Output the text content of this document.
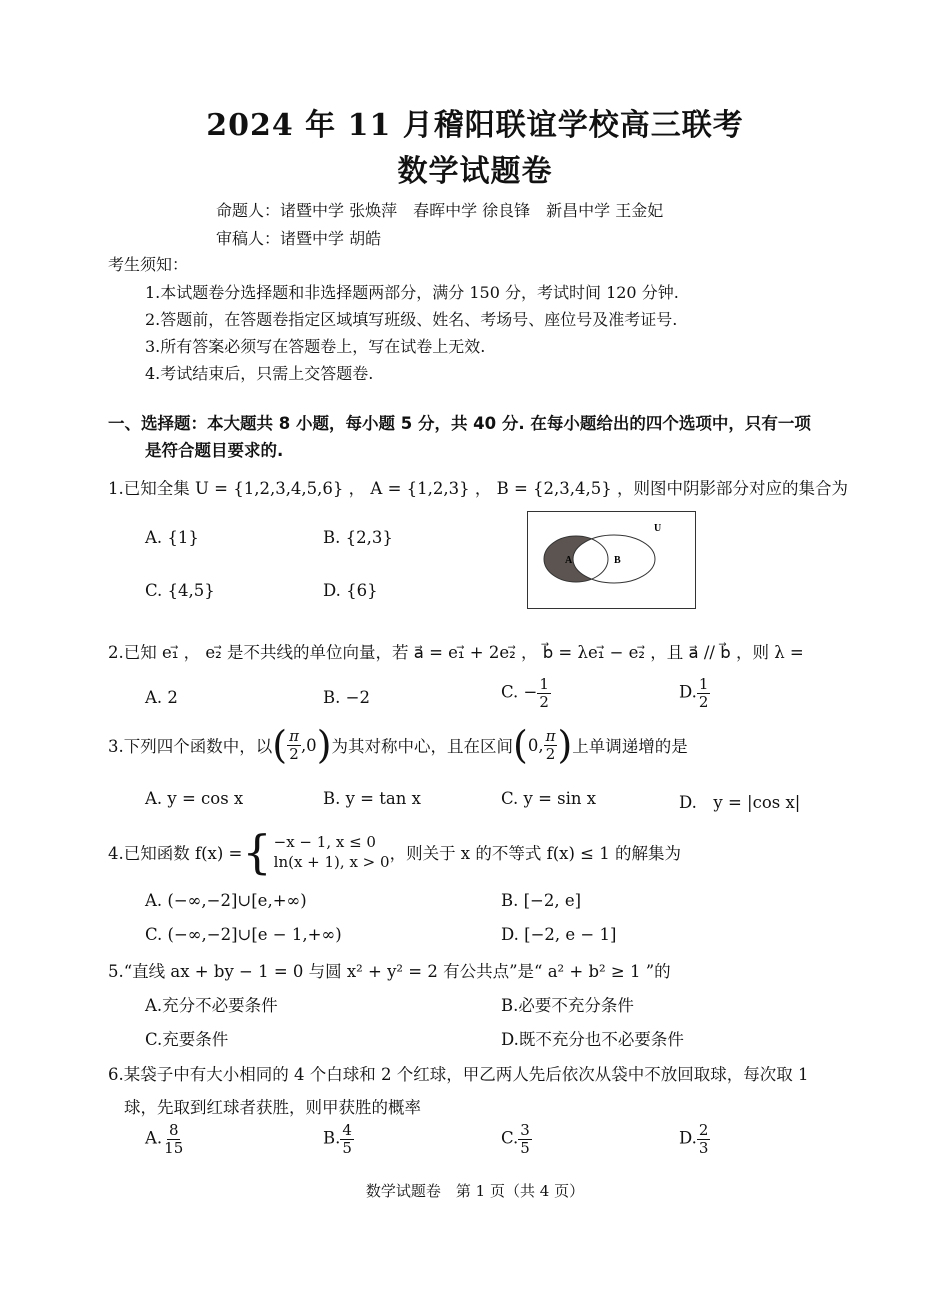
2024 年 11 月稽阳联谊学校高三联考
数学试题卷
命题人：诸暨中学 张焕萍　春晖中学 徐良锋　新昌中学 王金妃
审稿人：诸暨中学 胡皓
考生须知：
1.本试题卷分选择题和非选择题两部分，满分 150 分，考试时间 120 分钟.
2.答题前，在答题卷指定区域填写班级、姓名、考场号、座位号及准考证号.
3.所有答案必须写在答题卷上，写在试卷上无效.
4.考试结束后，只需上交答题卷.
一、选择题：本大题共 8 小题，每小题 5 分，共 40 分. 在每小题给出的四个选项中，只有一项
是符合题目要求的.
1.已知全集 U = {1,2,3,4,5,6} ， A = {1,2,3} ， B = {2,3,4,5} ，则图中阴影部分对应的集合为
A. {1}	B. {2,3}
C. {4,5}	D. {6}
U
A	B
2.已知 e₁⃗ ， e₂⃗ 是不共线的单位向量，若 a⃗ = e₁⃗ + 2e₂⃗ ， b⃗ = λe₁⃗ − e₂⃗ ，且 a⃗ // b⃗ ，则 λ =
A. 2	B. −2	C. − $\frac{1}{2}$	D. $\frac{1}{2}$
3.下列四个函数中，以 ( $\frac{\pi}{2} ,0$ ) 为其对称中心，且在区间 ( 0, $\frac{\pi}{2}$ ) 上单调递增的是
A. y = cos x	B. y = tan x	C. y = sin x	D.　y = |cos x|
4.已知函数 f(x) = { −x − 1, x ≤ 0
ln(x + 1), x > 0 ，则关于 x 的不等式 f(x) ≤ 1 的解集为
A. (−∞,−2]∪[e,+∞)	B. [−2, e]
C. (−∞,−2]∪[e − 1,+∞)	D. [−2, e − 1]
5.“直线 ax + by − 1 = 0 与圆 x² + y² = 2 有公共点”是“ a² + b² ≥ 1 ”的
A.充分不必要条件	B.必要不充分条件
C.充要条件	D.既不充分也不必要条件
6.某袋子中有大小相同的 4 个白球和 2 个红球，甲乙两人先后依次从袋中不放回取球，每次取 1
球，先取到红球者获胜，则甲获胜的概率
A. $\frac{8}{15}$	B. $\frac{4}{5}$	C. $\frac{3}{5}$	D. $\frac{2}{3}$
数学试题卷　第 1 页（共 4 页）
